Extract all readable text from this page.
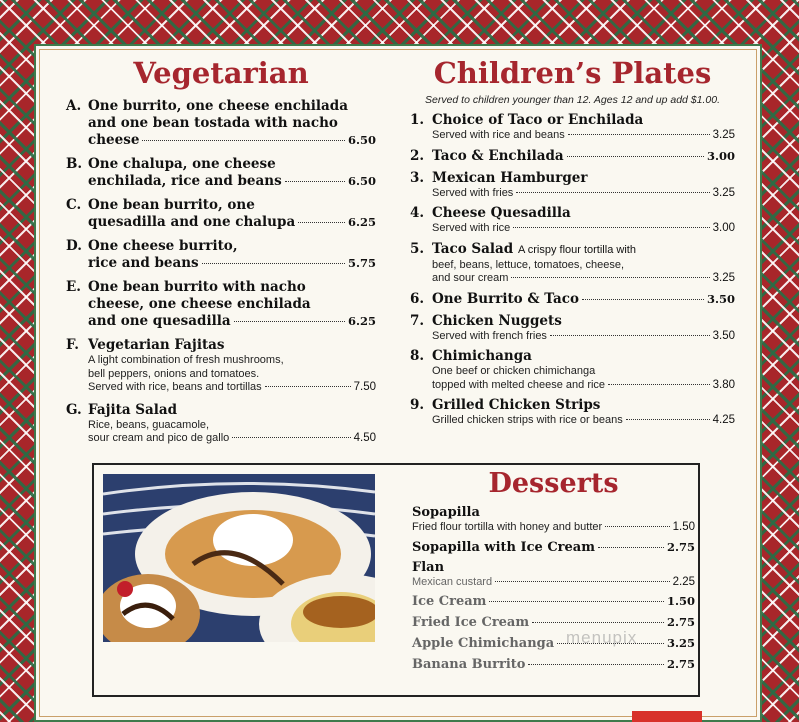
Vegetarian
A. One burrito, one cheese enchilada
and one bean tostada with nacho
cheese	6.50
B. One chalupa, one cheese
enchilada, rice and beans	6.50
C. One bean burrito, one
quesadilla and one chalupa	6.25
D. One cheese burrito,
rice and beans	5.75
E. One bean burrito with nacho
cheese, one cheese enchilada
and one quesadilla	6.25
F. Vegetarian Fajitas
A light combination of fresh mushrooms,
bell peppers, onions and tomatoes.
Served with rice, beans and tortillas	7.50
G. Fajita Salad
Rice, beans, guacamole,
sour cream and pico de gallo	4.50
Children’s Plates
Served to children younger than 12. Ages 12 and up add $1.00.
1. Choice of Taco or Enchilada
Served with rice and beans	3.25
2. Taco & Enchilada	3.00
3. Mexican Hamburger
Served with fries	3.25
4. Cheese Quesadilla
Served with rice	3.00
5. Taco Salad A crispy flour tortilla with
beef, beans, lettuce, tomatoes, cheese,
and sour cream	3.25
6. One Burrito & Taco	3.50
7. Chicken Nuggets
Served with french fries	3.50
8. Chimichanga
One beef or chicken chimichanga
topped with melted cheese and rice	3.80
9. Grilled Chicken Strips
Grilled chicken strips with rice or beans	4.25
Desserts
Sopapilla
Fried flour tortilla with honey and butter	1.50
Sopapilla with Ice Cream	2.75
Flan
Mexican custard	2.25
Ice Cream	1.50
Fried Ice Cream	2.75
Apple Chimichanga	3.25
Banana Burrito	2.75
menupix
